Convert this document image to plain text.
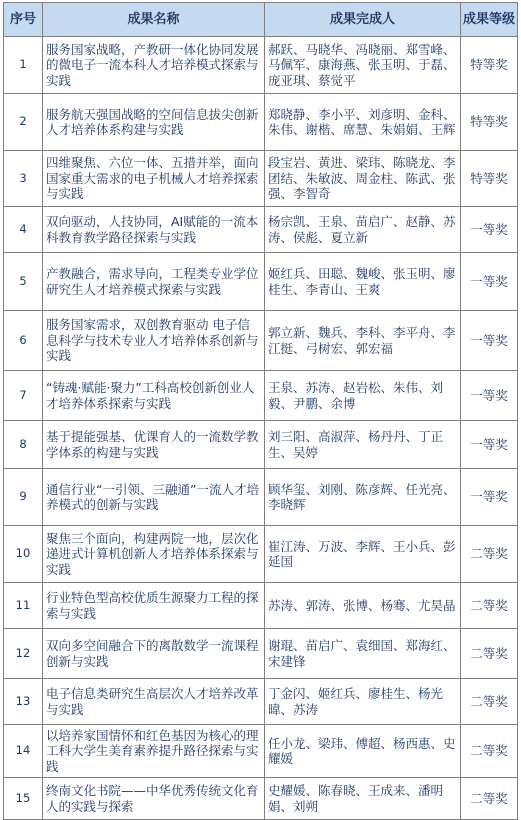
序号	成果名称	成果完成人	成果等级
1	服务国家战略，产教研一体化协同发展的微电子一流本科人才培养模式探索与实践	郝跃、马晓华、冯晓丽、郑雪峰、马佩军、康海燕、张玉明、于磊、庞亚琪、蔡觉平	特等奖
2	服务航天强国战略的空间信息拔尖创新人才培养体系构建与实践	郑晓静、李小平、刘彦明、金科、朱伟、谢楷、席慧、朱娟娟、王辉	特等奖
3	四维聚焦、六位一体、五措并举，面向国家重大需求的电子机械人才培养探索与实践	段宝岩、黄进、梁玮、陈晓龙、李团结、朱敏波、周金柱、陈武、张强、李智奇	特等奖
4	双向驱动，人技协同，AI赋能的一流本科教育教学路径探索与实践	杨宗凯、王泉、苗启广、赵静、苏涛、侯彪、夏立新	一等奖
5	产教融合，需求导向，工程类专业学位研究生人才培养模式探索与实践	姬红兵、田聪、魏峻、张玉明、廖桂生、李青山、王爽	一等奖
6	服务国家需求，双创教育驱动 电子信息科学与技术专业人才培养体系创新与实践	郭立新、魏兵、李科、李平舟、李江挺、弓树宏、郭宏福	一等奖
7	“铸魂·赋能·聚力”工科高校创新创业人才培养体系探索与实践	王泉、苏涛、赵岩松、朱伟、刘毅、尹鹏、余博	一等奖
8	基于提能强基、优课育人的一流数学教学体系的构建与实践	刘三阳、高淑萍、杨丹丹、丁正生、吴婷	一等奖
9	通信行业“一引领、三融通”一流人才培养模式的创新与实践	顾华玺、刘刚、陈彦辉、任光亮、李晓辉	一等奖
10	聚焦三个面向，构建两院一地，层次化递进式计算机创新人才培养体系探索与实践	崔江涛、万波、李辉、王小兵、彭延国	二等奖
11	行业特色型高校优质生源聚力工程的探索与实践	苏涛、郭涛、张博、杨骞、尤昊晶	二等奖
12	双向多空间融合下的离散数学一流课程创新与实践	谢琨、苗启广、袁细国、郑海红、宋建锋	二等奖
13	电子信息类研究生高层次人才培养改革与实践	丁金闪、姬红兵、廖桂生、杨光暐、苏涛	二等奖
14	以培养家国情怀和红色基因为核心的理工科大学生美育素养提升路径探索与实践	任小龙、梁玮、傅超、杨西惠、史耀媛	二等奖
15	终南文化书院——中华优秀传统文化育人的实践与探索	史耀媛、陈春晓、王成来、潘明娟、刘朔	二等奖
